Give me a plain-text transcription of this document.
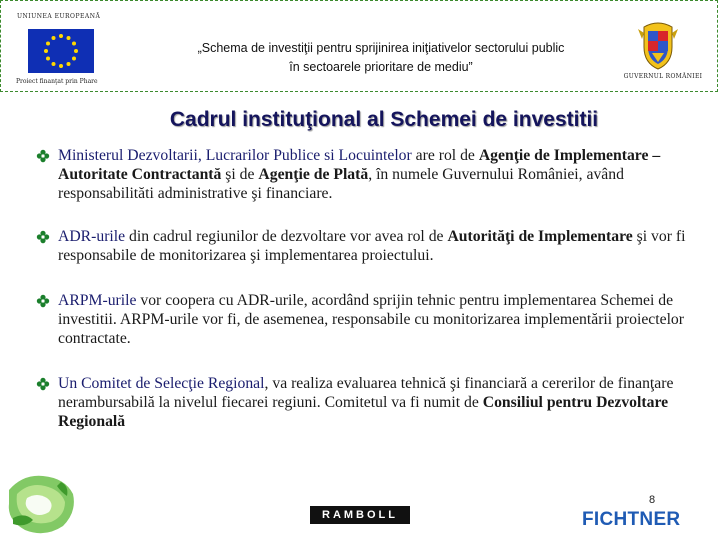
UNIUNEA EUROPEANĂ
Proiect finanţat prin Phare
„Schema de investiţii pentru sprijinirea iniţiativelor sectorului public
în sectoarele prioritare de mediu”
GUVERNUL ROMÂNIEI
Cadrul instituţional al Schemei de investitii

Ministerul Dezvoltarii, Lucrarilor Publice si Locuintelor are rol de Agenţie de Implementare – Autoritate Contractantă şi de Agenţie de Plată, în numele Guvernului României, având responsabilităti administrative şi financiare.

ADR-urile din cadrul regiunilor de dezvoltare vor avea rol de Autorităţi de Implementare şi vor fi responsabile de monitorizarea şi implementarea proiectului.

ARPM-urile vor coopera cu ADR-urile, acordând sprijin tehnic pentru implementarea Schemei de investitii. ARPM-urile vor fi, de asemenea, responsabile cu monitorizarea implementării proiectelor contractate.

Un Comitet de Selecţie Regional, va realiza evaluarea tehnică şi financiară a cererilor de finanţare nerambursabilă la nivelul fiecarei regiuni. Comitetul va fi numit de Consiliul pentru Dezvoltare Regională

8
RAMBOLL	FICHTNER
